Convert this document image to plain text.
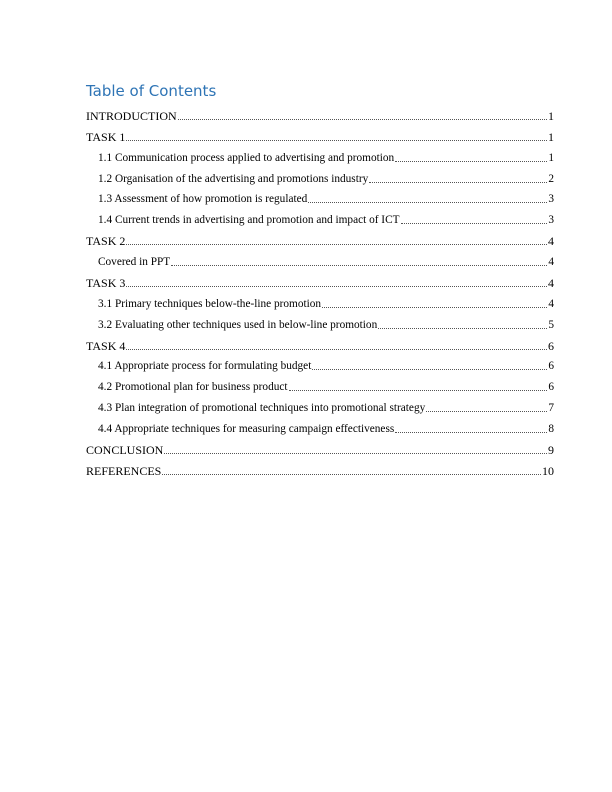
Table of Contents
INTRODUCTION	1
TASK 1	1
1.1 Communication process applied to advertising and promotion	1
1.2 Organisation of the advertising and promotions industry	2
1.3 Assessment of how promotion is regulated	3
1.4 Current trends in advertising and promotion and impact of ICT	3
TASK 2	4
Covered in PPT	4
TASK 3	4
3.1 Primary techniques below-the-line promotion	4
3.2 Evaluating other techniques used in below-line promotion	5
TASK 4	6
4.1 Appropriate process for formulating budget	6
4.2 Promotional plan for business product	6
4.3 Plan integration of promotional techniques into promotional strategy	7
4.4 Appropriate techniques for measuring campaign effectiveness	8
CONCLUSION	9
REFERENCES	10
